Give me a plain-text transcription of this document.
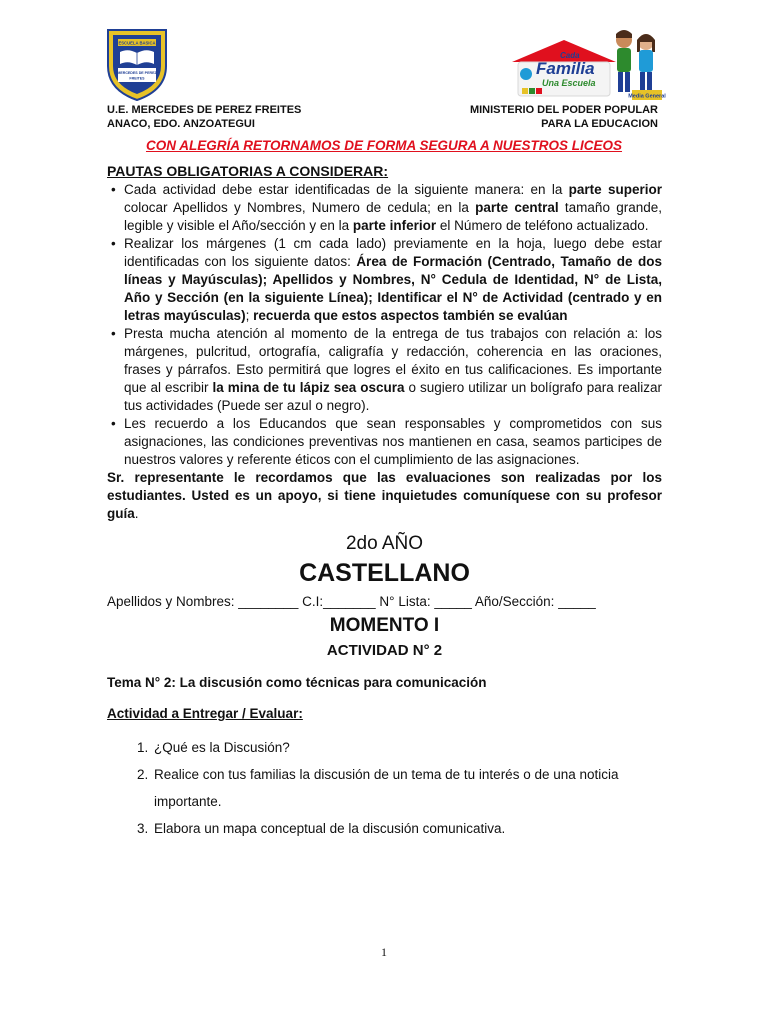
ESCUELA BASICA
MERCEDES DE PEREZ
FREITES
Cada
Familia
Una Escuela
Media General
U.E. MERCEDES DE PEREZ FREITES
ANACO, EDO. ANZOATEGUI
MINISTERIO DEL PODER POPULAR
PARA LA EDUCACION
CON ALEGRÍA RETORNAMOS DE FORMA SEGURA A NUESTROS LICEOS

PAUTAS OBLIGATORIAS A CONSIDERAR:

• Cada actividad debe estar identificadas de la siguiente manera: en la parte superior colocar Apellidos y Nombres, Numero de cedula; en la parte central tamaño grande, legible y visible el Año/sección y en la parte inferior el Número de teléfono actualizado.
• Realizar los márgenes (1 cm cada lado) previamente en la hoja, luego debe estar identificadas con los siguiente datos: Área de Formación (Centrado, Tamaño de dos líneas y Mayúsculas); Apellidos y Nombres, N° Cedula de Identidad, N° de Lista, Año y Sección (en la siguiente Línea); Identificar el N° de Actividad (centrado y en letras mayúsculas); recuerda que estos aspectos también se evalúan
• Presta mucha atención al momento de la entrega de tus trabajos con relación a: los márgenes, pulcritud, ortografía, caligrafía y redacción, coherencia en las oraciones, frases y párrafos. Esto permitirá que logres el éxito en tus calificaciones. Es importante que al escribir la mina de tu lápiz sea oscura o sugiero utilizar un bolígrafo para realizar tus actividades (Puede ser azul o negro).
• Les recuerdo a los Educandos que sean responsables y comprometidos con sus asignaciones, las condiciones preventivas nos mantienen en casa, seamos participes de nuestros valores y referente éticos con el cumplimiento de las asignaciones.

Sr. representante le recordamos que las evaluaciones son realizadas por los estudiantes. Usted es un apoyo, si tiene inquietudes comuníquese con su profesor guía.

2do AÑO
CASTELLANO
Apellidos y Nombres: ________ C.I:_______ N° Lista: _____ Año/Sección: _____
MOMENTO I
ACTIVIDAD N° 2
Tema N° 2: La discusión como técnicas para comunicación
Actividad a Entregar / Evaluar:
1. ¿Qué es la Discusión?
2. Realice con tus familias la discusión de un tema de tu interés o de una noticia importante.
3. Elabora un mapa conceptual de la discusión comunicativa.
1
